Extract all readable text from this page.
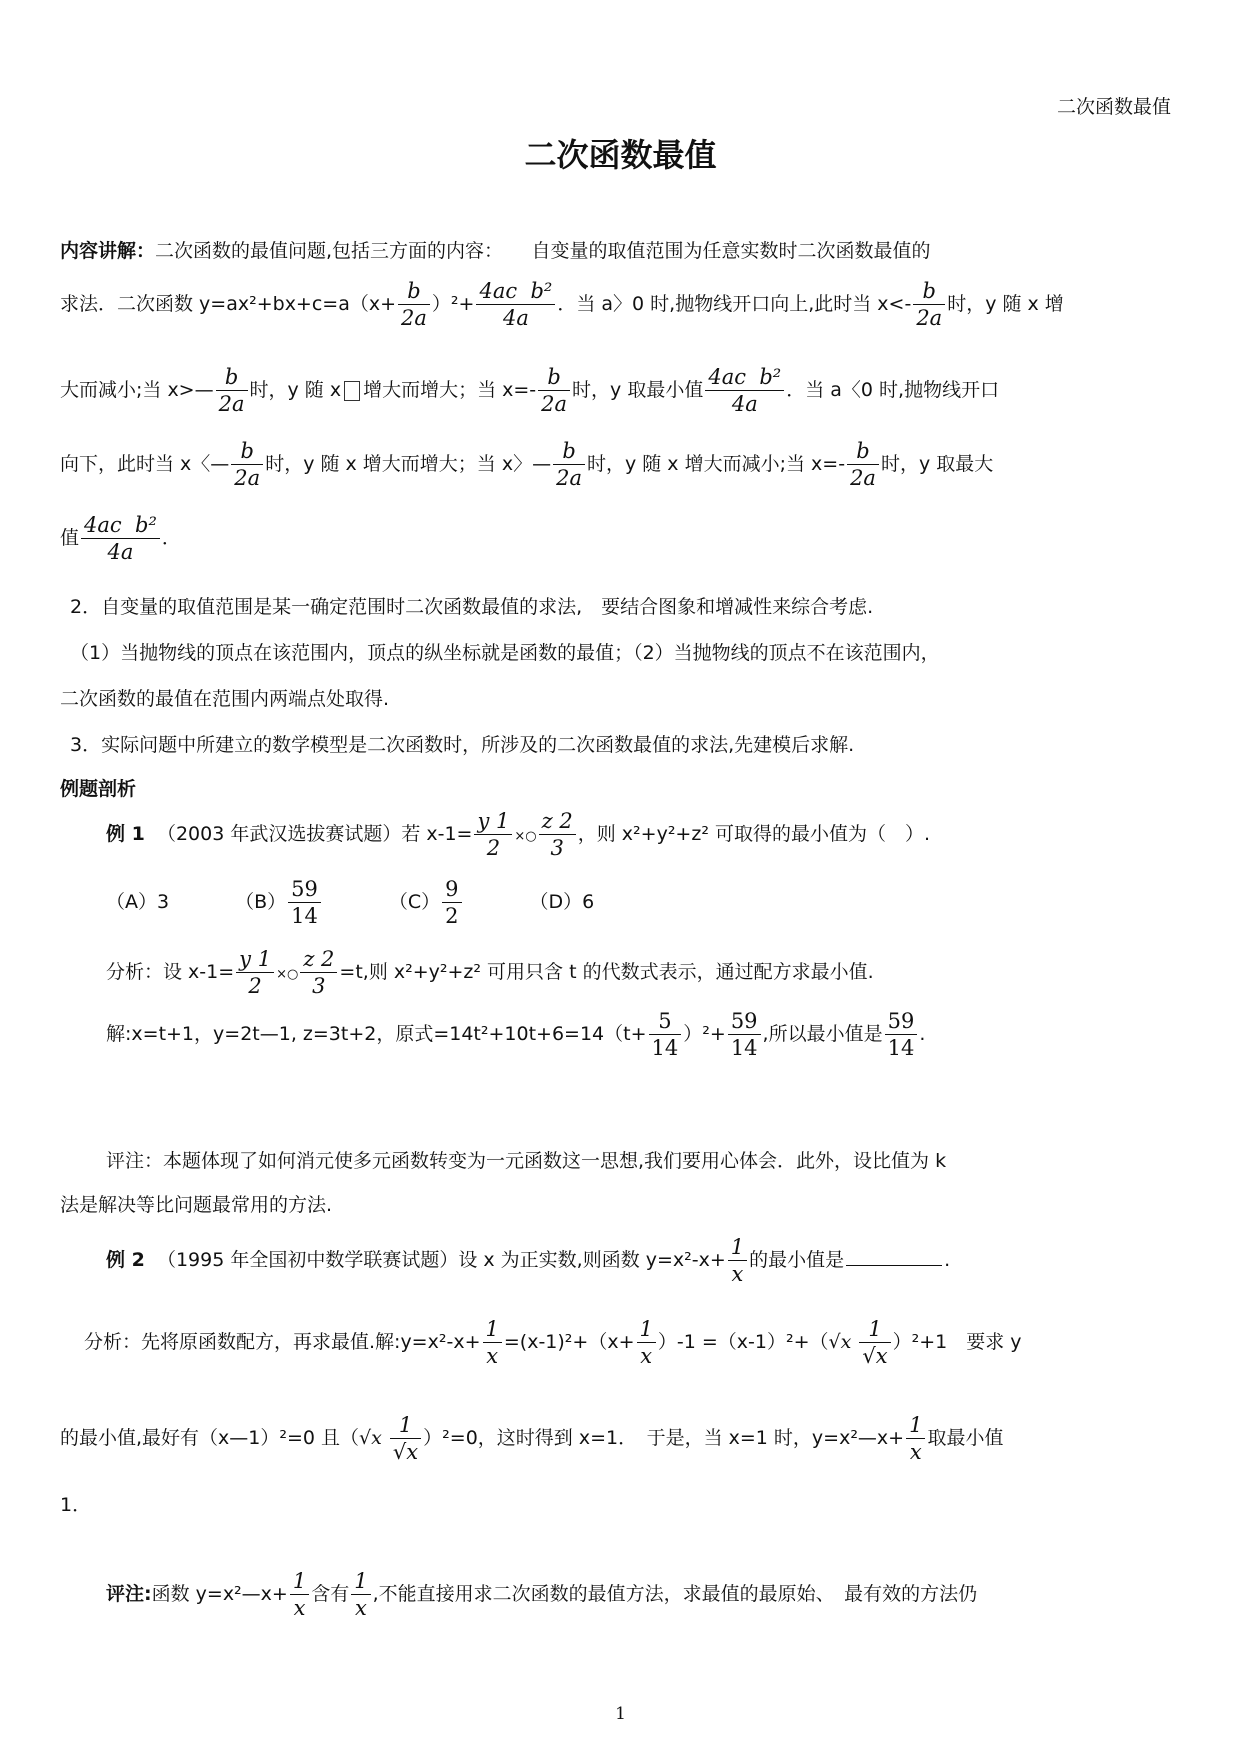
二次函数最值
二次函数最值
内容讲解：二次函数的最值问题,包括三方面的内容：　　自变量的取值范围为任意实数时二次函数最值的
求法．二次函数 $y=ax^2+bx+c=a(x+ \frac{b}{2a} )^2+ \frac{\text{4ac b²}}{4a}$ ．当 a〉0 时,抛物线开口向上,此时当 $x<- \frac{b}{2a}$ 时，y 随 x 增
大而减小;当 x>— $\frac{b}{2a}$ 时，y 随 x 增大而增大；当 $x=- \frac{b}{2a}$ 时，y 取最小值 $\frac{\text{4ac b²}}{4a}$ ．当 a〈0 时,抛物线开口
向下，此时当 x〈— $\frac{b}{2a}$ 时，y 随 x 增大而增大；当 x〉— $\frac{b}{2a}$ 时，y 随 x 增大而减小;当 $x=- \frac{b}{2a}$ 时，y 取最大
值 $\frac{\text{4ac b²}}{4a}$ ．
2．自变量的取值范围是某一确定范围时二次函数最值的求法,　要结合图象和增减性来综合考虑.
（1）当抛物线的顶点在该范围内，顶点的纵坐标就是函数的最值；（2）当抛物线的顶点不在该范围内，
二次函数的最值在范围内两端点处取得.
3．实际问题中所建立的数学模型是二次函数时，所涉及的二次函数最值的求法,先建模后求解.
例题剖析
例 1 （2003 年武汉选拔赛试题）若 $x-1= \frac{y 1}{2}$ ×○ $\frac{z 2}{3}$ ，则 x²+y²+z² 可取得的最小值为（　）.
（A）3	$(B) \frac{59}{14}$	$(C) \frac{9}{2}$	（D）6
分析：设 $x-1= \frac{y 1}{2}$ ×○ $\frac{z 2}{3} =t$,则 x²+y²+z² 可用只含 t 的代数式表示，通过配方求最小值.
解:x=t+1，y=2t—1, z=3t+2，原式$=14t^2+10t+6=14(t+ \frac{5}{14} )^2+ \frac{59}{14}$ ,所以最小值是 $\frac{59}{14}$ .
评注：本题体现了如何消元使多元函数转变为一元函数这一思想,我们要用心体会．此外，设比值为 k
法是解决等比问题最常用的方法.
例 2 （1995 年全国初中数学联赛试题）设 x 为正实数,则函数 $y=x^2-x+ \frac{1}{x}$ 的最小值是	.
分析：先将原函数配方，再求最值.解:y=x²-x+ $\frac{1}{x} =(x-1)^2+(x+ \frac{1}{x} )-1 =(x-1)^2+(√x \frac{1}{√x} )^2+1$　要求 y
的最小值,最好有（x—1）²=0 且$(√x \frac{1}{√x} )^2=0$，这时得到 x=1．　于是，当 x=1 时，y=x²—x+ $\frac{1}{x}$ 取最小值
1．
评注:函数 y=x²—x+ $\frac{1}{x}$ 含有 $\frac{1}{x}$ ,不能直接用求二次函数的最值方法，求最值的最原始、　最有效的方法仍
1
